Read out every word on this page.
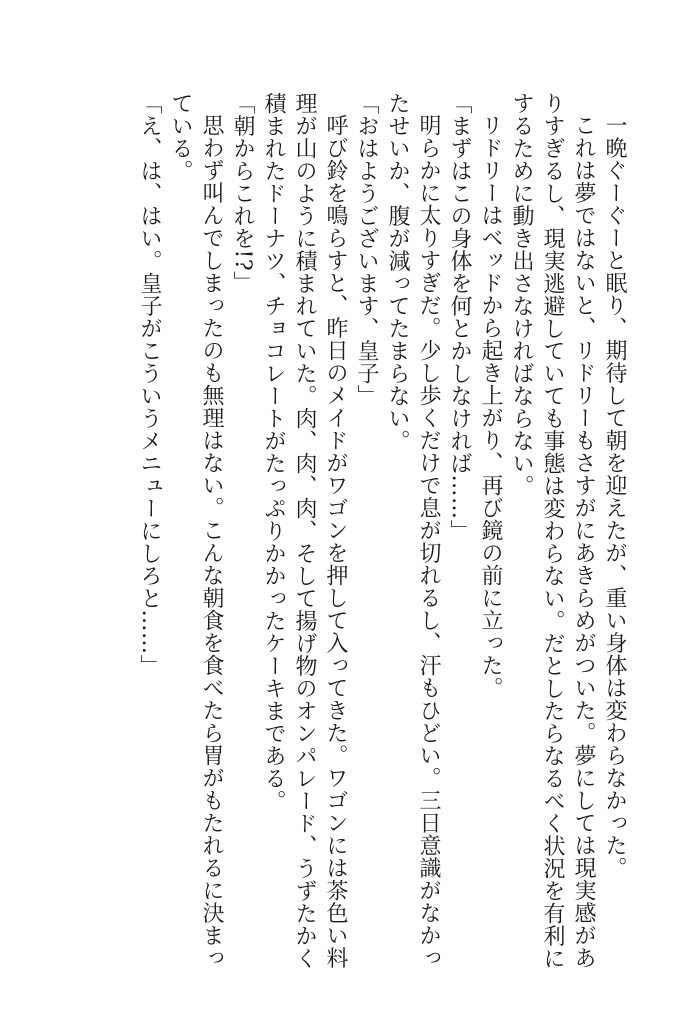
一晩ぐーぐーと眠り、期待して朝を迎えたが、重い身体は変わらなかった。

これは夢ではないと、リドリーもさすがにあきらめがついた。夢にしては現実感がありすぎるし、現実逃避していても事態は変わらない。だとしたらなるべく状況を有利にするために動き出さなければならない。

リドリーはベッドから起き上がり、再び鏡の前に立った。

「まずはこの身体を何とかしなければ……」

明らかに太りすぎだ。少し歩くだけで息が切れるし、汗もひどい。三日意識がなかったせいか、腹が減ってたまらない。

「おはようございます、皇子」

呼び鈴を鳴らすと、昨日のメイドがワゴンを押して入ってきた。ワゴンには茶色い料理が山のように積まれていた。肉、肉、肉、そして揚げ物のオンパレード、うずたかく積まれたドーナツ、チョコレートがたっぷりかかったケーキまである。

「朝からこれを!?」

思わず叫んでしまったのも無理はない。こんな朝食を食べたら胃がもたれるに決まっている。

「え、は、はい。皇子がこういうメニューにしろと……」
